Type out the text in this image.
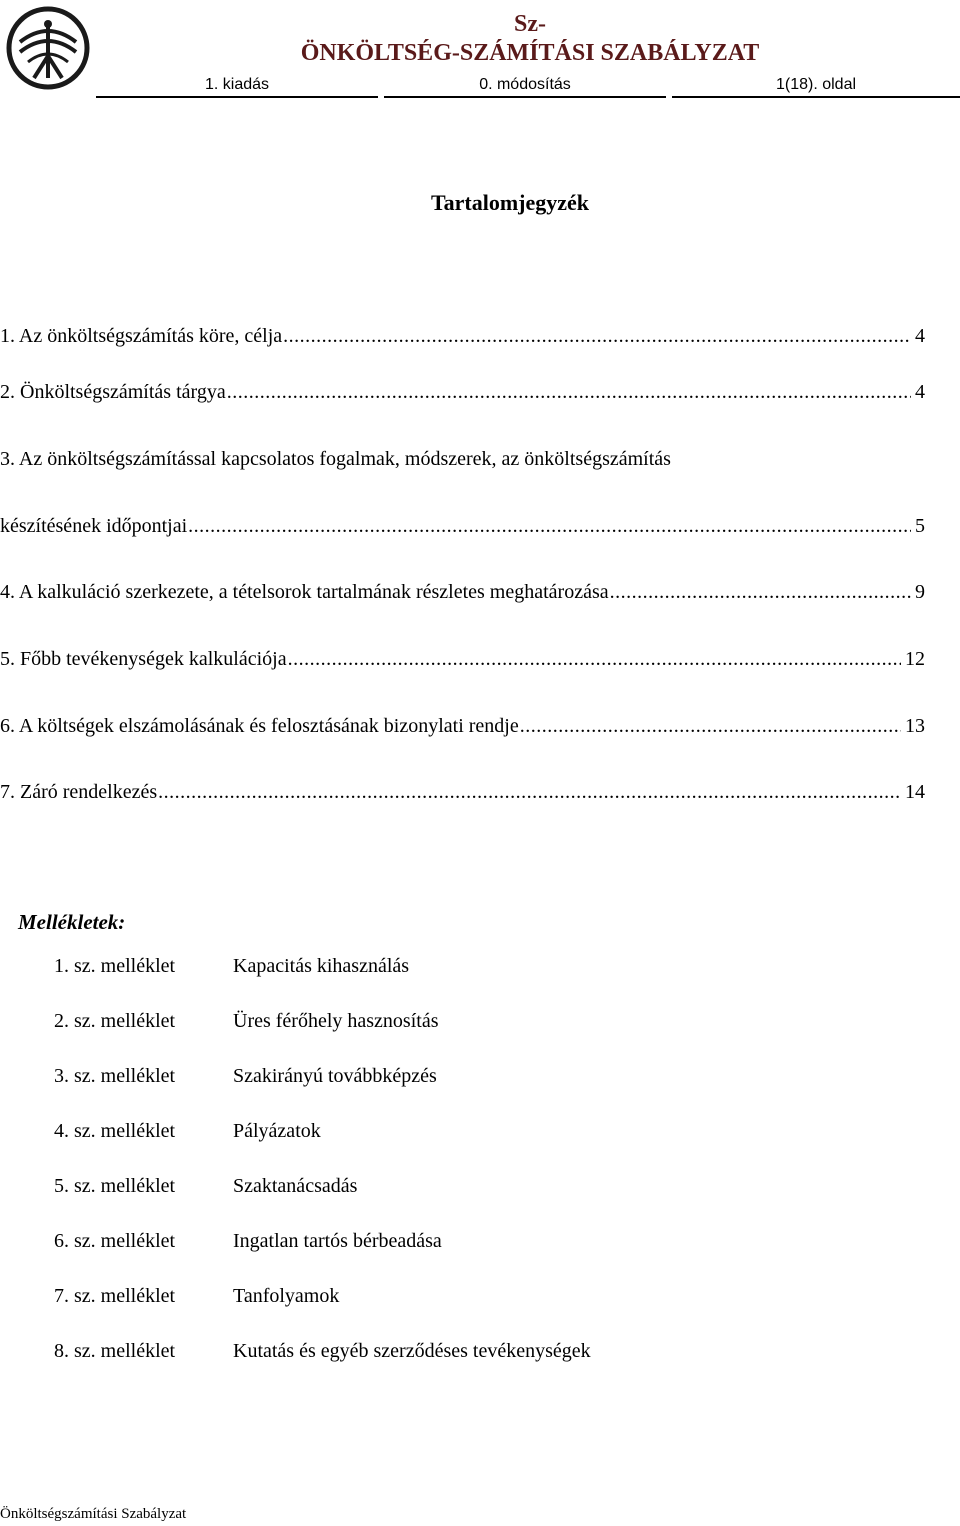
Sz-
ÖNKÖLTSÉG-SZÁMÍTÁSI SZABÁLYZAT
1. kiadás	0. módosítás	1(18). oldal
Tartalomjegyzék
1. Az önköltségszámítás köre, célja .....	4
2. Önköltségszámítás tárgya .....	4
3. Az önköltségszámítással kapcsolatos fogalmak, módszerek, az önköltségszámítás
készítésének időpontjai .....	5
4. A kalkuláció szerkezete, a tételsorok tartalmának részletes meghatározása .....	9
5. Főbb tevékenységek kalkulációja .....	12
6. A költségek elszámolásának és felosztásának bizonylati rendje .....	13
7. Záró rendelkezés .....	14
Mellékletek:
1. sz. melléklet	Kapacitás kihasználás
2. sz. melléklet	Üres férőhely hasznosítás
3. sz. melléklet	Szakirányú továbbképzés
4. sz. melléklet	Pályázatok
5. sz. melléklet	Szaktanácsadás
6. sz. melléklet	Ingatlan tartós bérbeadása
7. sz. melléklet	Tanfolyamok
8. sz. melléklet	Kutatás és egyéb szerződéses tevékenységek
Önköltségszámítási Szabályzat
